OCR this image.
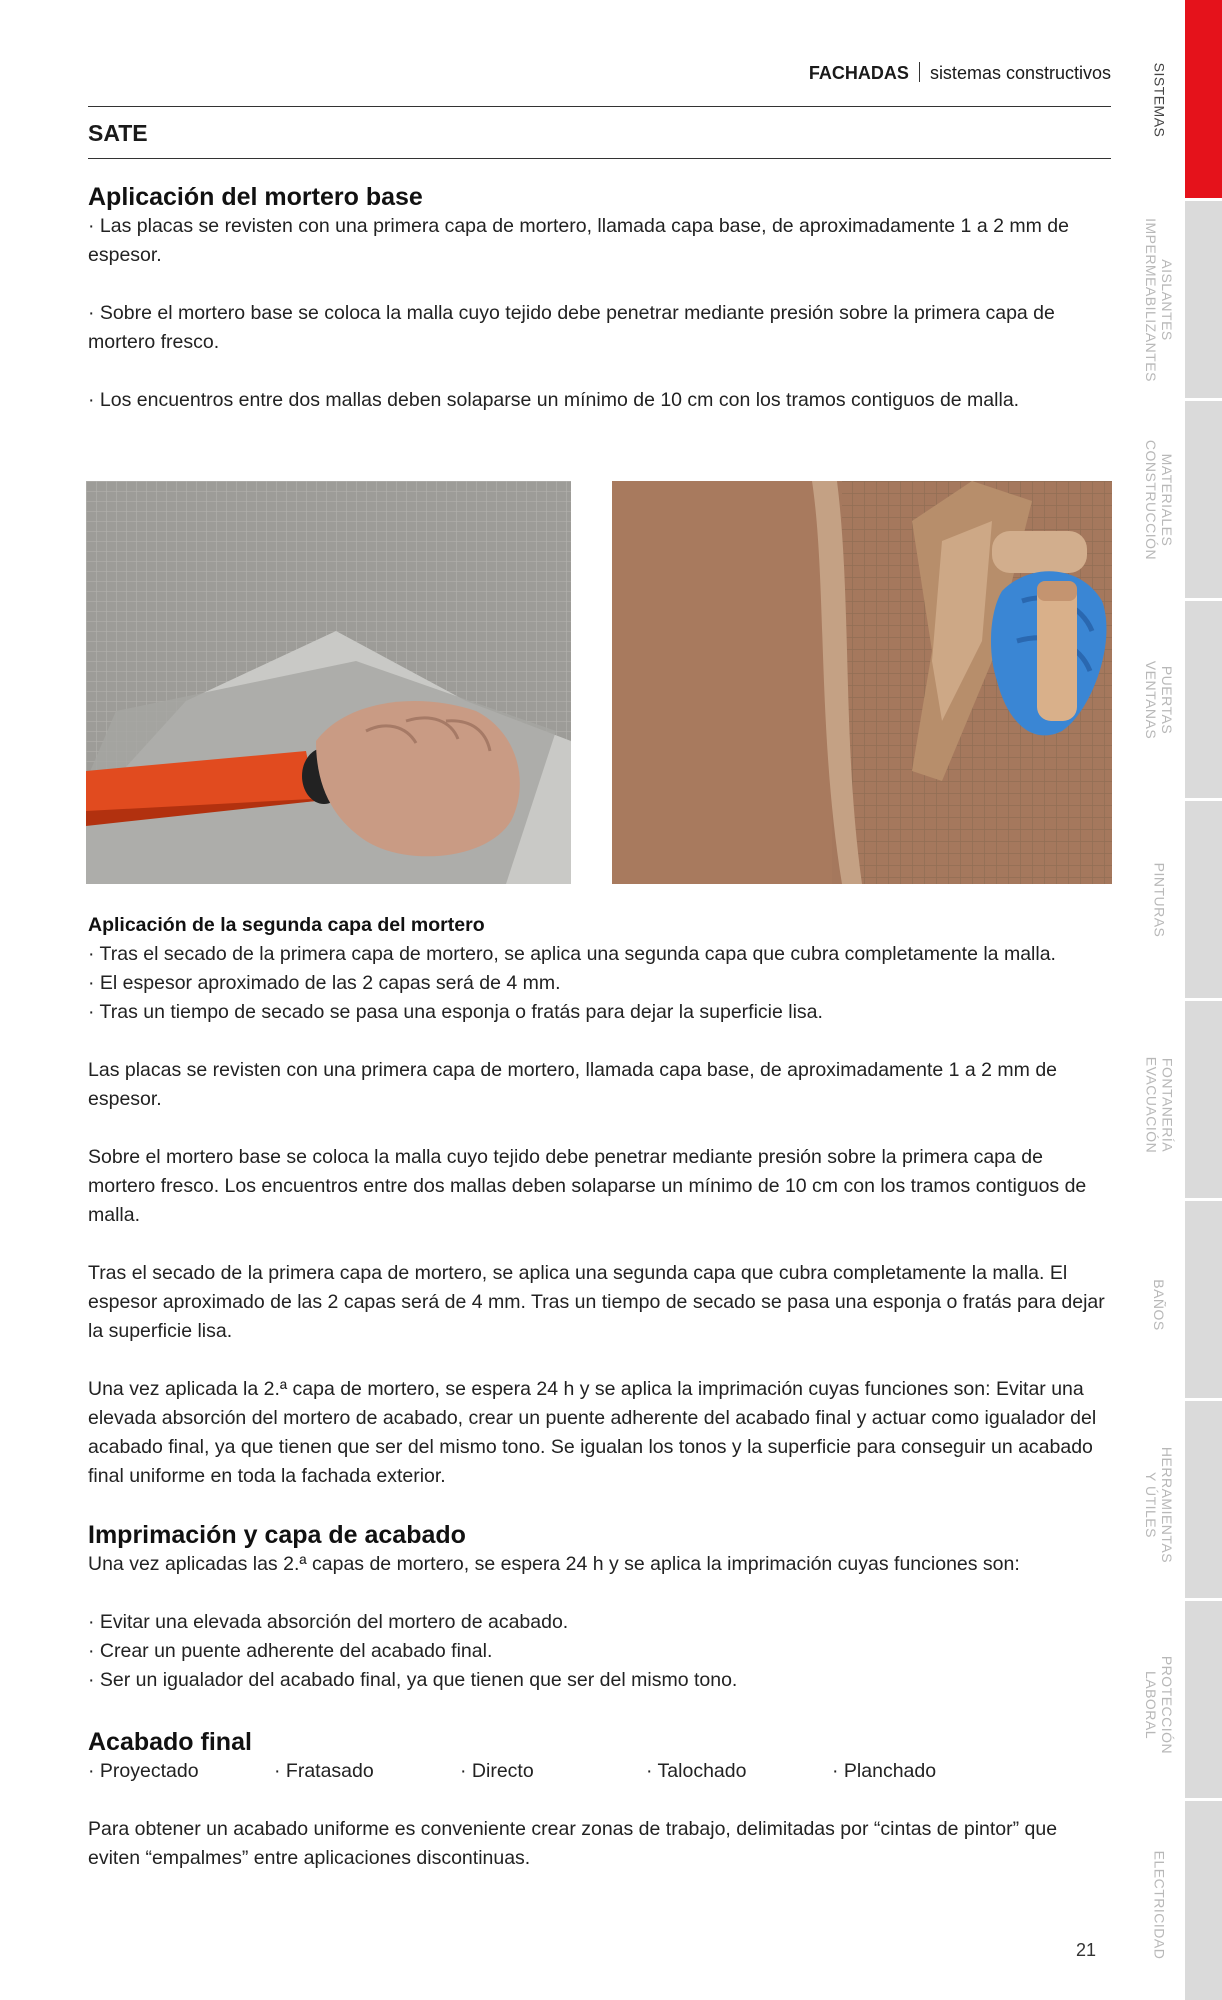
FACHADAS sistemas constructivos
SATE
Aplicación del mortero base

· Las placas se revisten con una primera capa de mortero, llamada capa base, de aproximadamente 1 a 2 mm de espesor.

· Sobre el mortero base se coloca la malla cuyo tejido debe penetrar mediante presión sobre la primera capa de mortero fresco.

· Los encuentros entre dos mallas deben solaparse un mínimo de 10 cm con los tramos contiguos de malla.

Aplicación de la segunda capa del mortero

· Tras el secado de la primera capa de mortero, se aplica una segunda capa que cubra completamente la malla.

· El espesor aproximado de las 2 capas será de 4 mm.

· Tras un tiempo de secado se pasa una esponja o fratás para dejar la superficie lisa.

Las placas se revisten con una primera capa de mortero, llamada capa base, de aproximadamente 1 a 2 mm de espesor.

Sobre el mortero base se coloca la malla cuyo tejido debe penetrar mediante presión sobre la primera capa de mortero fresco. Los encuentros entre dos mallas deben solaparse un mínimo de 10 cm con los tramos contiguos de malla.

Tras el secado de la primera capa de mortero, se aplica una segunda capa que cubra completamente la malla. El espesor aproximado de las 2 capas será de 4 mm. Tras un tiempo de secado se pasa una esponja o fratás para dejar la superficie lisa.

Una vez aplicada la 2.ª capa de mortero, se espera 24 h y se aplica la imprimación cuyas funciones son: Evitar una elevada absorción del mortero de acabado, crear un puente adherente del acabado final y actuar como igualador del acabado final, ya que tienen que ser del mismo tono. Se igualan los tonos y la superficie para conseguir un acabado final uniforme en toda la fachada exterior.

Imprimación y capa de acabado

Una vez aplicadas las 2.ª capas de mortero, se espera 24 h y se aplica la imprimación cuyas funciones son:

· Evitar una elevada absorción del mortero de acabado.

· Crear un puente adherente del acabado final.

· Ser un igualador del acabado final, ya que tienen que ser del mismo tono.

Acabado final
· Proyectado	· Fratasado	· Directo	· Talochado	· Planchado

Para obtener un acabado uniforme es conveniente crear zonas de trabajo, delimitadas por “cintas de pintor” que eviten “empalmes” entre aplicaciones discontinuas.

SISTEMAS
AISLANTES IMPERMEABILIZANTES
MATERIALES CONSTRUCCIÓN
PUERTAS VENTANAS
PINTURAS
FONTANERÍA EVACUACIÓN
BAÑOS
HERRAMIENTAS Y ÚTILES
PROTECCIÓN LABORAL
ELECTRICIDAD
21
